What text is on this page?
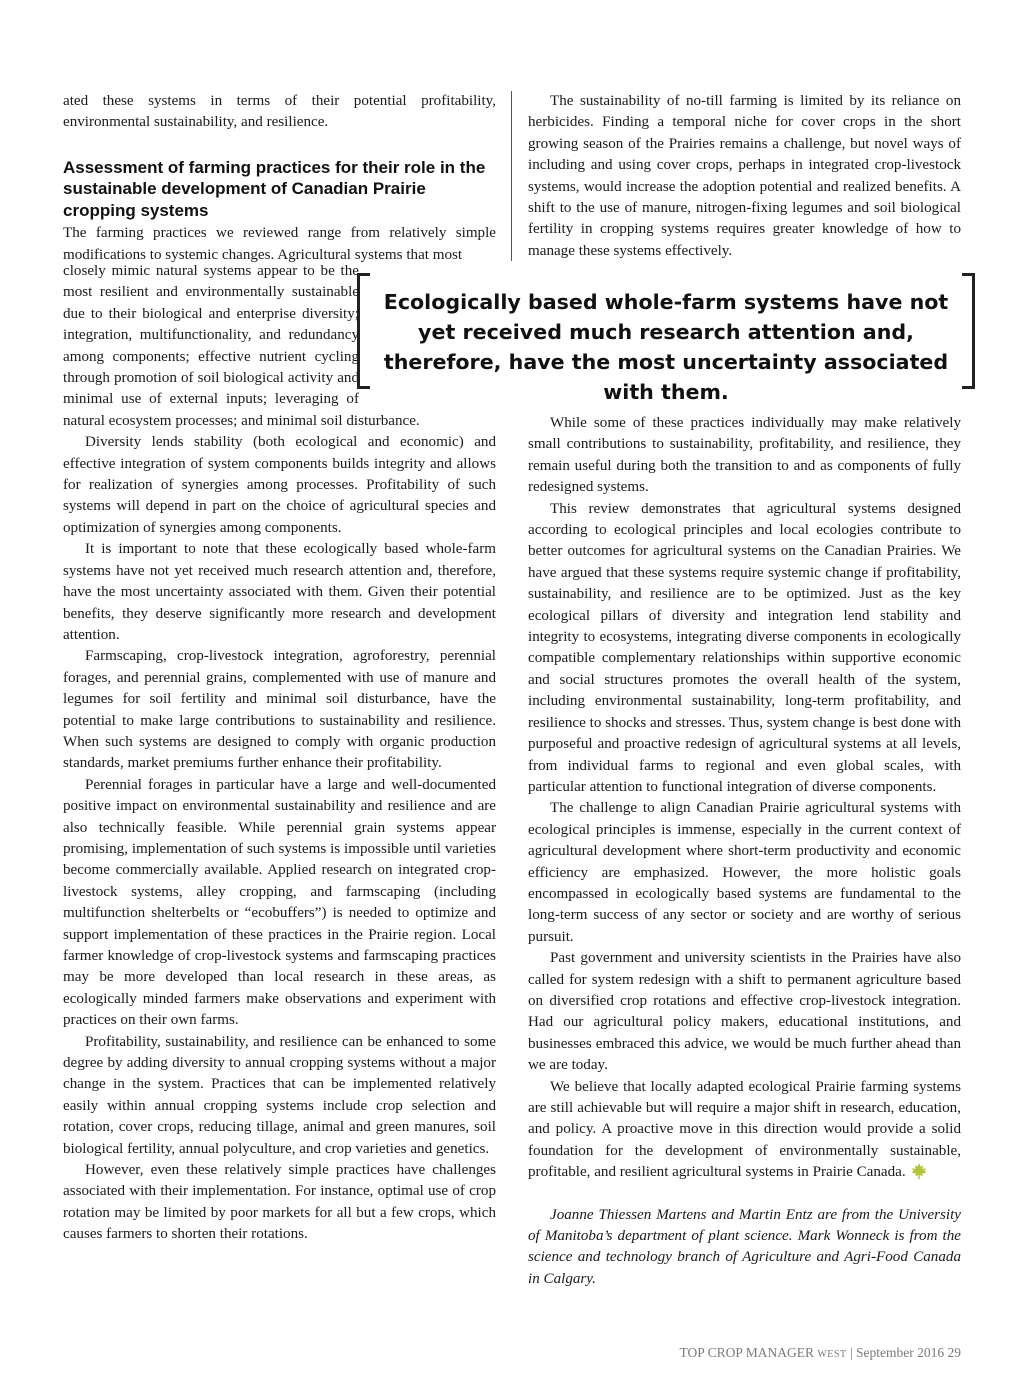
ated these systems in terms of their potential profitability, environmental sustainability, and resilience.

Assessment of farming practices for their role in the sustainable development of Canadian Prairie cropping systems

The farming practices we reviewed range from relatively simple modifications to systemic changes. Agricultural systems that most

The sustainability of no-till farming is limited by its reliance on herbicides. Finding a temporal niche for cover crops in the short growing season of the Prairies remains a challenge, but novel ways of including and using cover crops, perhaps in integrated crop-livestock systems, would increase the adoption potential and realized benefits. A shift to the use of manure, nitrogen-fixing legumes and soil biological fertility in cropping systems requires greater knowledge of how to manage these systems effectively.

Ecologically based whole-farm systems have not yet received much research attention and, therefore, have the most uncertainty associated with them.

closely mimic natural systems appear to be the most resilient and environmentally sustainable due to their biological and enterprise diversity; integration, multifunctionality, and redundancy among components; effective nutrient cycling through promotion of soil biological activity and minimal use of external inputs; leveraging of natural ecosystem processes; and minimal soil disturbance.

Diversity lends stability (both ecological and economic) and effective integration of system components builds integrity and allows for realization of synergies among processes. Profitability of such systems will depend in part on the choice of agricultural species and optimization of synergies among components.

It is important to note that these ecologically based whole-farm systems have not yet received much research attention and, therefore, have the most uncertainty associated with them. Given their potential benefits, they deserve significantly more research and development attention.

Farmscaping, crop-livestock integration, agroforestry, perennial forages, and perennial grains, complemented with use of manure and legumes for soil fertility and minimal soil disturbance, have the potential to make large contributions to sustainability and resilience. When such systems are designed to comply with organic production standards, market premiums further enhance their profitability.

Perennial forages in particular have a large and well-documented positive impact on environmental sustainability and resilience and are also technically feasible. While perennial grain systems appear promising, implementation of such systems is impossible until varieties become commercially available. Applied research on integrated crop-livestock systems, alley cropping, and farmscaping (including multifunction shelterbelts or “ecobuffers”) is needed to optimize and support implementation of these practices in the Prairie region. Local farmer knowledge of crop-livestock systems and farmscaping practices may be more developed than local research in these areas, as ecologically minded farmers make observations and experiment with practices on their own farms.

Profitability, sustainability, and resilience can be enhanced to some degree by adding diversity to annual cropping systems without a major change in the system. Practices that can be implemented relatively easily within annual cropping systems include crop selection and rotation, cover crops, reducing tillage, animal and green manures, soil biological fertility, annual polyculture, and crop varieties and genetics.

However, even these relatively simple practices have challenges associated with their implementation. For instance, optimal use of crop rotation may be limited by poor markets for all but a few crops, which causes farmers to shorten their rotations.

While some of these practices individually may make relatively small contributions to sustainability, profitability, and resilience, they remain useful during both the transition to and as components of fully redesigned systems.

This review demonstrates that agricultural systems designed according to ecological principles and local ecologies contribute to better outcomes for agricultural systems on the Canadian Prairies. We have argued that these systems require systemic change if profitability, sustainability, and resilience are to be optimized. Just as the key ecological pillars of diversity and integration lend stability and integrity to ecosystems, integrating diverse components in ecologically compatible complementary relationships within supportive economic and social structures promotes the overall health of the system, including environmental sustainability, long-term profitability, and resilience to shocks and stresses. Thus, system change is best done with purposeful and proactive redesign of agricultural systems at all levels, from individual farms to regional and even global scales, with particular attention to functional integration of diverse components.

The challenge to align Canadian Prairie agricultural systems with ecological principles is immense, especially in the current context of agricultural development where short-term productivity and economic efficiency are emphasized. However, the more holistic goals encompassed in ecologically based systems are fundamental to the long-term success of any sector or society and are worthy of serious pursuit.

Past government and university scientists in the Prairies have also called for system redesign with a shift to permanent agriculture based on diversified crop rotations and effective crop-livestock integration. Had our agricultural policy makers, educational institutions, and businesses embraced this advice, we would be much further ahead than we are today.

We believe that locally adapted ecological Prairie farming systems are still achievable but will require a major shift in research, education, and policy. A proactive move in this direction would provide a solid foundation for the development of environmentally sustainable, profitable, and resilient agricultural systems in Prairie Canada.

Joanne Thiessen Martens and Martin Entz are from the University of Manitoba’s department of plant science. Mark Wonneck is from the science and technology branch of Agriculture and Agri-Food Canada in Calgary.

TOP CROP MANAGER WEST | September 2016 29
